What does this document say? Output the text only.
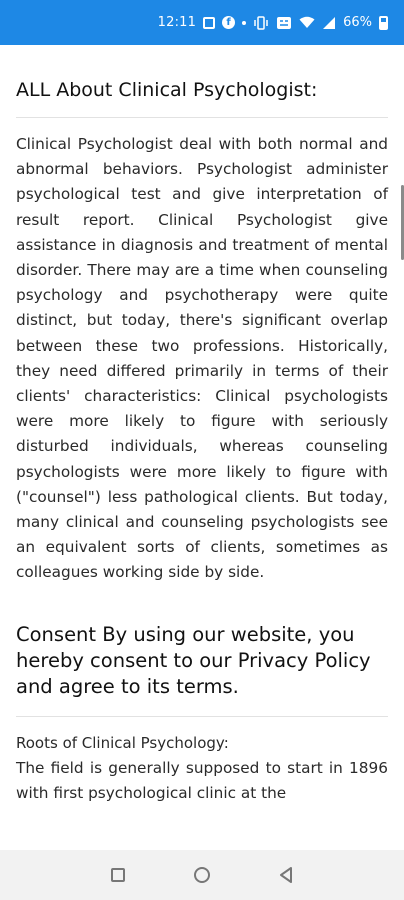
12:11	f	66%
ALL About Clinical Psychologist:

Clinical Psychologist deal with both normal and abnormal behaviors. Psychologist administer psychological test and give interpretation of result report. Clinical Psychologist give assistance in diagnosis and treatment of mental disorder. There may are a time when counseling psychology and psychotherapy were quite distinct, but today, there's significant overlap between these two professions. Historically, they need differed primarily in terms of their clients' characteristics: Clinical psychologists were more likely to figure with seriously disturbed individuals, whereas counseling psychologists were more likely to figure with ("counsel") less pathological clients. But today, many clinical and counseling psychologists see an equivalent sorts of clients, sometimes as colleagues working side by side.

Consent By using our website, you hereby consent to our Privacy Policy and agree to its terms.

Roots of Clinical Psychology:

The field is generally supposed to start in 1896 with first psychological clinic at the
